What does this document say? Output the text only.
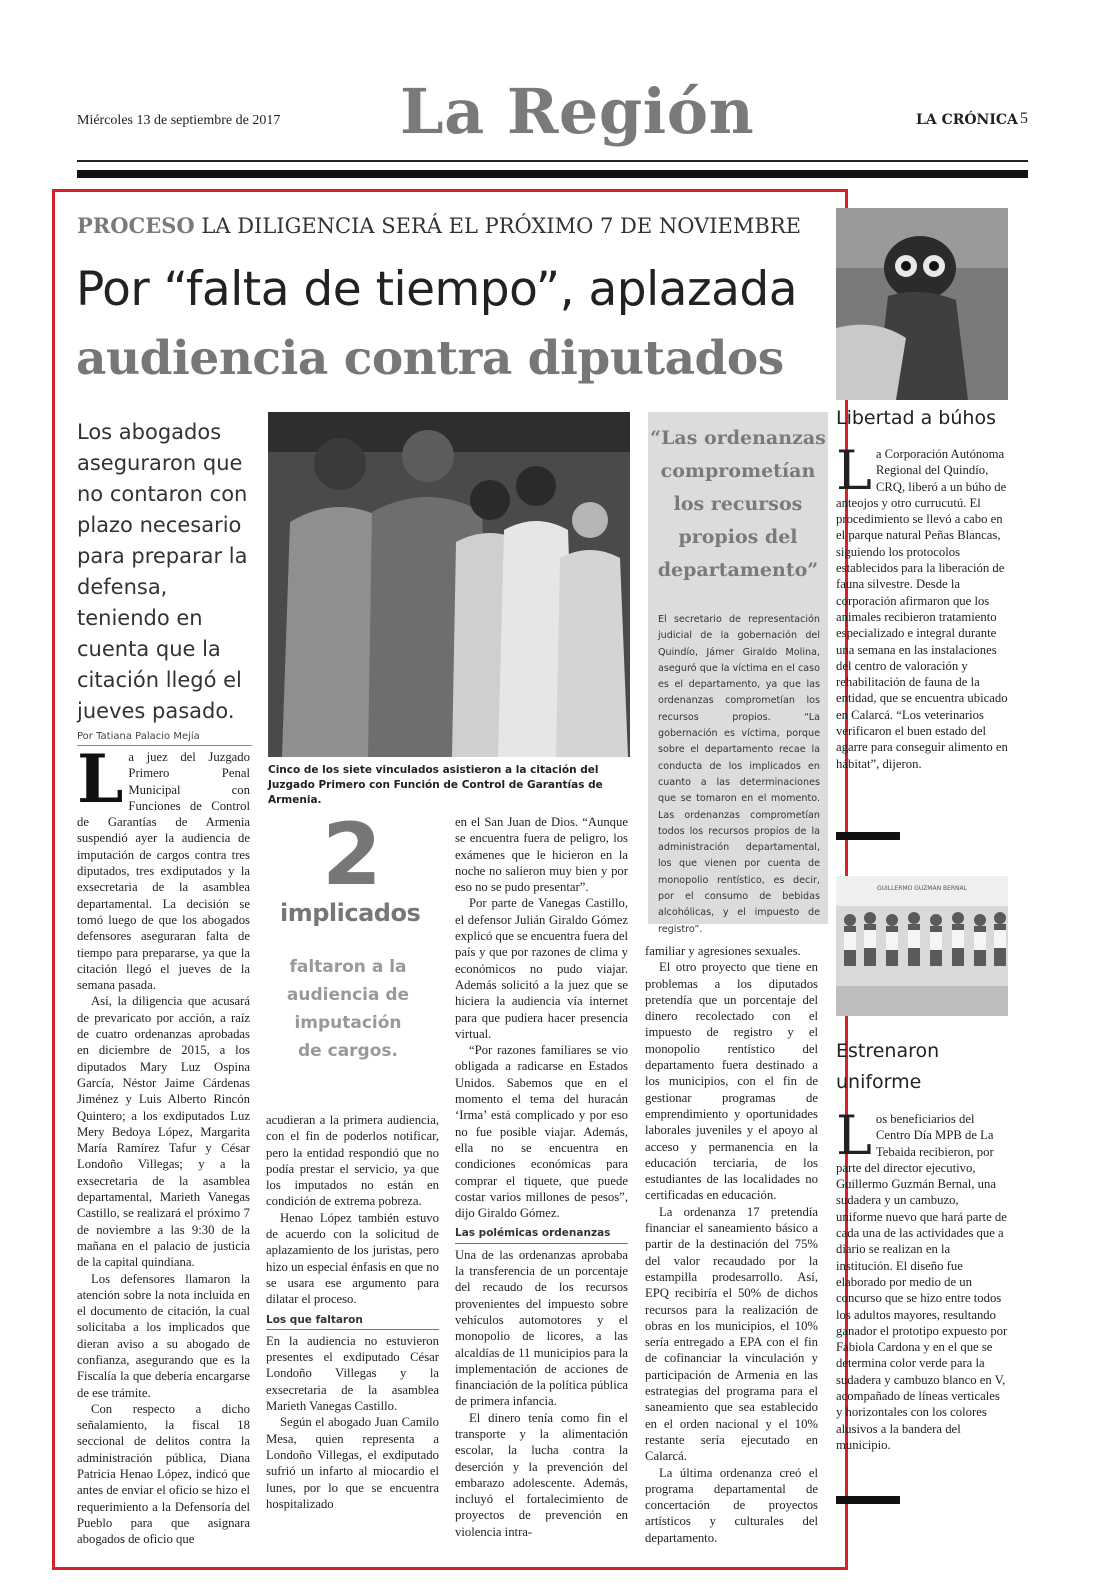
Miércoles 13 de septiembre de 2017 La Región	LA CRÓNICA 5
PROCESO LA DILIGENCIA SERÁ EL PRÓXIMO 7 DE NOVIEMBRE
Por “falta de tiempo”, aplazada
audiencia contra diputados
Los abogados aseguraron que no contaron con plazo necesario para preparar la defensa, teniendo en cuenta que la citación llegó el jueves pasado.
Por Tatiana Palacio Mejía
Cinco de los siete vinculados asistieron a la citación del Juzgado Primero con Función de Control de Garantías de Armenia.
“Las ordenanzas comprometían los recursos propios del departamento”
El secretario de representación judicial de la gobernación del Quindío, Jámer Giraldo Molina, aseguró que la víctima en el caso es el departamento, ya que las ordenanzas comprometían los recursos propios. “La gobernación es víctima, porque sobre el departamento recae la conducta de los implicados en cuanto a las determinaciones que se tomaron en el momento. Las ordenanzas comprometían todos los recursos propios de la administración departamental, los que vienen por cuenta de monopolio rentístico, es decir, por el consumo de bebidas alcohólicas, y el impuesto de registro”.
2
implicados
faltaron a la audiencia de imputación de cargos.
L a juez del Juzgado Primero Penal Municipal con Funciones de Control de Garantías de Armenia suspendió ayer la audiencia de imputación de cargos contra tres diputados, tres exdiputados y la exsecretaria de la asamblea departamental. La decisión se tomó luego de que los abogados defensores aseguraran falta de tiempo para prepararse, ya que la citación llegó el jueves de la semana pasada.

Así, la diligencia que acusará de prevaricato por acción, a raíz de cuatro ordenanzas aprobadas en diciembre de 2015, a los diputados Mary Luz Ospina García, Néstor Jaime Cárdenas Jiménez y Luis Alberto Rincón Quintero; a los exdiputados Luz Mery Bedoya López, Margarita María Ramírez Tafur y César Londoño Villegas; y a la exsecretaria de la asamblea departamental, Marieth Vanegas Castillo, se realizará el próximo 7 de noviembre a las 9:30 de la mañana en el palacio de justicia de la capital quindiana.

Los defensores llamaron la atención sobre la nota incluida en el documento de citación, la cual solicitaba a los implicados que dieran aviso a su abogado de confianza, asegurando que es la Fiscalía la que debería encargarse de ese trámite.

Con respecto a dicho señalamiento, la fiscal 18 seccional de delitos contra la administración pública, Diana Patricia Henao López, indicó que antes de enviar el oficio se hizo el requerimiento a la Defensoría del Pueblo para que asignara abogados de oficio que

acudieran a la primera audiencia, con el fin de poderlos notificar, pero la entidad respondió que no podía prestar el servicio, ya que los imputados no están en condición de extrema pobreza.

Henao López también estuvo de acuerdo con la solicitud de aplazamiento de los juristas, pero hizo un especial énfasis en que no se usara ese argumento para dilatar el proceso.

Los que faltaron

En la audiencia no estuvieron presentes el exdiputado César Londoño Villegas y la exsecretaria de la asamblea Marieth Vanegas Castillo.

Según el abogado Juan Camilo Mesa, quien representa a Londoño Villegas, el exdiputado sufrió un infarto al miocardio el lunes, por lo que se encuentra hospitalizado

en el San Juan de Dios. “Aunque se encuentra fuera de peligro, los exámenes que le hicieron en la noche no salieron muy bien y por eso no se pudo presentar”.

Por parte de Vanegas Castillo, el defensor Julián Giraldo Gómez explicó que se encuentra fuera del país y que por razones de clima y económicos no pudo viajar. Además solicitó a la juez que se hiciera la audiencia vía internet para que pudiera hacer presencia virtual.

“Por razones familiares se vio obligada a radicarse en Estados Unidos. Sabemos que en el momento el tema del huracán ‘Irma’ está complicado y por eso no fue posible viajar. Además, ella no se encuentra en condiciones económicas para comprar el tiquete, que puede costar varios millones de pesos”, dijo Giraldo Gómez.

Las polémicas ordenanzas

Una de las ordenanzas aprobaba la transferencia de un porcentaje del recaudo de los recursos provenientes del impuesto sobre vehículos automotores y el monopolio de licores, a las alcaldías de 11 municipios para la implementación de acciones de financiación de la política pública de primera infancia.

El dinero tenía como fin el transporte y la alimentación escolar, la lucha contra la deserción y la prevención del embarazo adolescente. Además, incluyó el fortalecimiento de proyectos de prevención en violencia intra-

familiar y agresiones sexuales.

El otro proyecto que tiene en problemas a los diputados pretendía que un porcentaje del dinero recolectado con el impuesto de registro y el monopolio rentístico del departamento fuera destinado a los municipios, con el fin de gestionar programas de emprendimiento y oportunidades laborales juveniles y el apoyo al acceso y permanencia en la educación terciaria, de los estudiantes de las localidades no certificadas en educación.

La ordenanza 17 pretendía financiar el saneamiento básico a partir de la destinación del 75% del valor recaudado por la estampilla prodesarrollo. Así, EPQ recibiría el 50% de dichos recursos para la realización de obras en los municipios, el 10% sería entregado a EPA con el fin de cofinanciar la vinculación y participación de Armenia en las estrategias del programa para el saneamiento que sea establecido en el orden nacional y el 10% restante sería ejecutado en Calarcá.

La última ordenanza creó el programa departamental de concertación de proyectos artísticos y culturales del departamento.

Libertad a búhos
L a Corporación Autónoma Regional del Quindío, CRQ, liberó a un búho de anteojos y otro currucutú. El procedimiento se llevó a cabo en el parque natural Peñas Blancas, siguiendo los protocolos establecidos para la liberación de fauna silvestre. Desde la corporación afirmaron que los animales recibieron tratamiento especializado e integral durante una semana en las instalaciones del centro de valoración y rehabilitación de fauna de la entidad, que se encuentra ubicado en Calarcá. “Los veterinarios verificaron el buen estado del agarre para conseguir alimento en hábitat”, dijeron.
GUILLERMO GUZMÁN BERNAL
Estrenaron uniforme
L os beneficiarios del Centro Día MPB de La Tebaida recibieron, por parte del director ejecutivo, Guillermo Guzmán Bernal, una sudadera y un cambuzo, uniforme nuevo que hará parte de cada una de las actividades que a diario se realizan en la institución. El diseño fue elaborado por medio de un concurso que se hizo entre todos los adultos mayores, resultando ganador el prototipo expuesto por Fabiola Cardona y en el que se determina color verde para la sudadera y cambuzo blanco en V, acompañado de líneas verticales y horizontales con los colores alusivos a la bandera del municipio.
